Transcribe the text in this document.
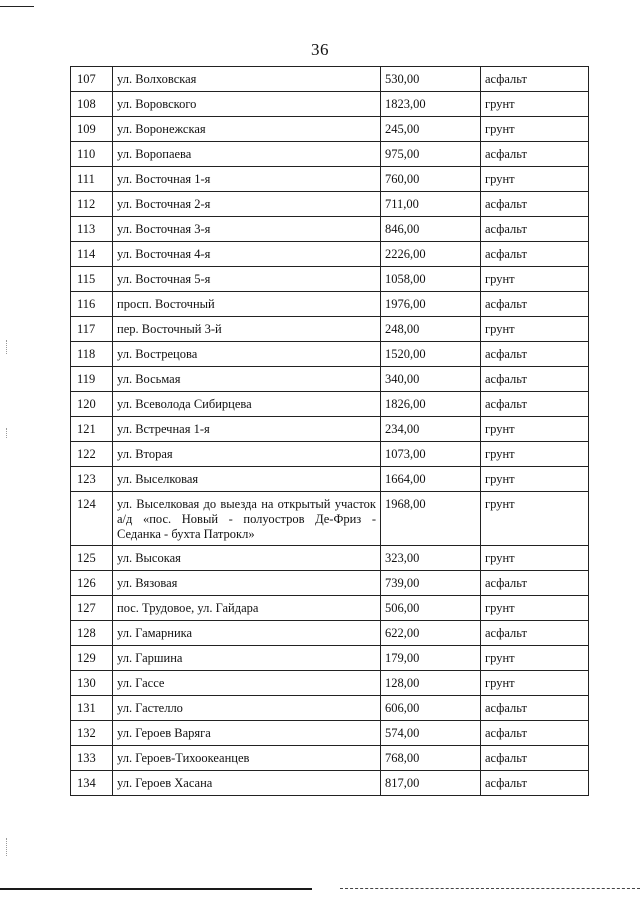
36
107	ул. Волховская	530,00	асфальт
108	ул. Воровского	1823,00	грунт
109	ул. Воронежская	245,00	грунт
110	ул. Воропаева	975,00	асфальт
111	ул. Восточная 1-я	760,00	грунт
112	ул. Восточная 2-я	711,00	асфальт
113	ул. Восточная 3-я	846,00	асфальт
114	ул. Восточная 4-я	2226,00	асфальт
115	ул. Восточная 5-я	1058,00	грунт
116	просп. Восточный	1976,00	асфальт
117	пер. Восточный 3-й	248,00	грунт
118	ул. Вострецова	1520,00	асфальт
119	ул. Восьмая	340,00	асфальт
120	ул. Всеволода Сибирцева	1826,00	асфальт
121	ул. Встречная 1-я	234,00	грунт
122	ул. Вторая	1073,00	грунт
123	ул. Выселковая	1664,00	грунт
124	ул. Выселковая до выезда на открытый участок а/д «пос. Новый - полуостров Де-Фриз - Седанка - бухта Патрокл»	1968,00	грунт
125	ул. Высокая	323,00	грунт
126	ул. Вязовая	739,00	асфальт
127	пос. Трудовое, ул. Гайдара	506,00	грунт
128	ул. Гамарника	622,00	асфальт
129	ул. Гаршина	179,00	грунт
130	ул. Гассе	128,00	грунт
131	ул. Гастелло	606,00	асфальт
132	ул. Героев Варяга	574,00	асфальт
133	ул. Героев-Тихоокеанцев	768,00	асфальт
134	ул. Героев Хасана	817,00	асфальт
